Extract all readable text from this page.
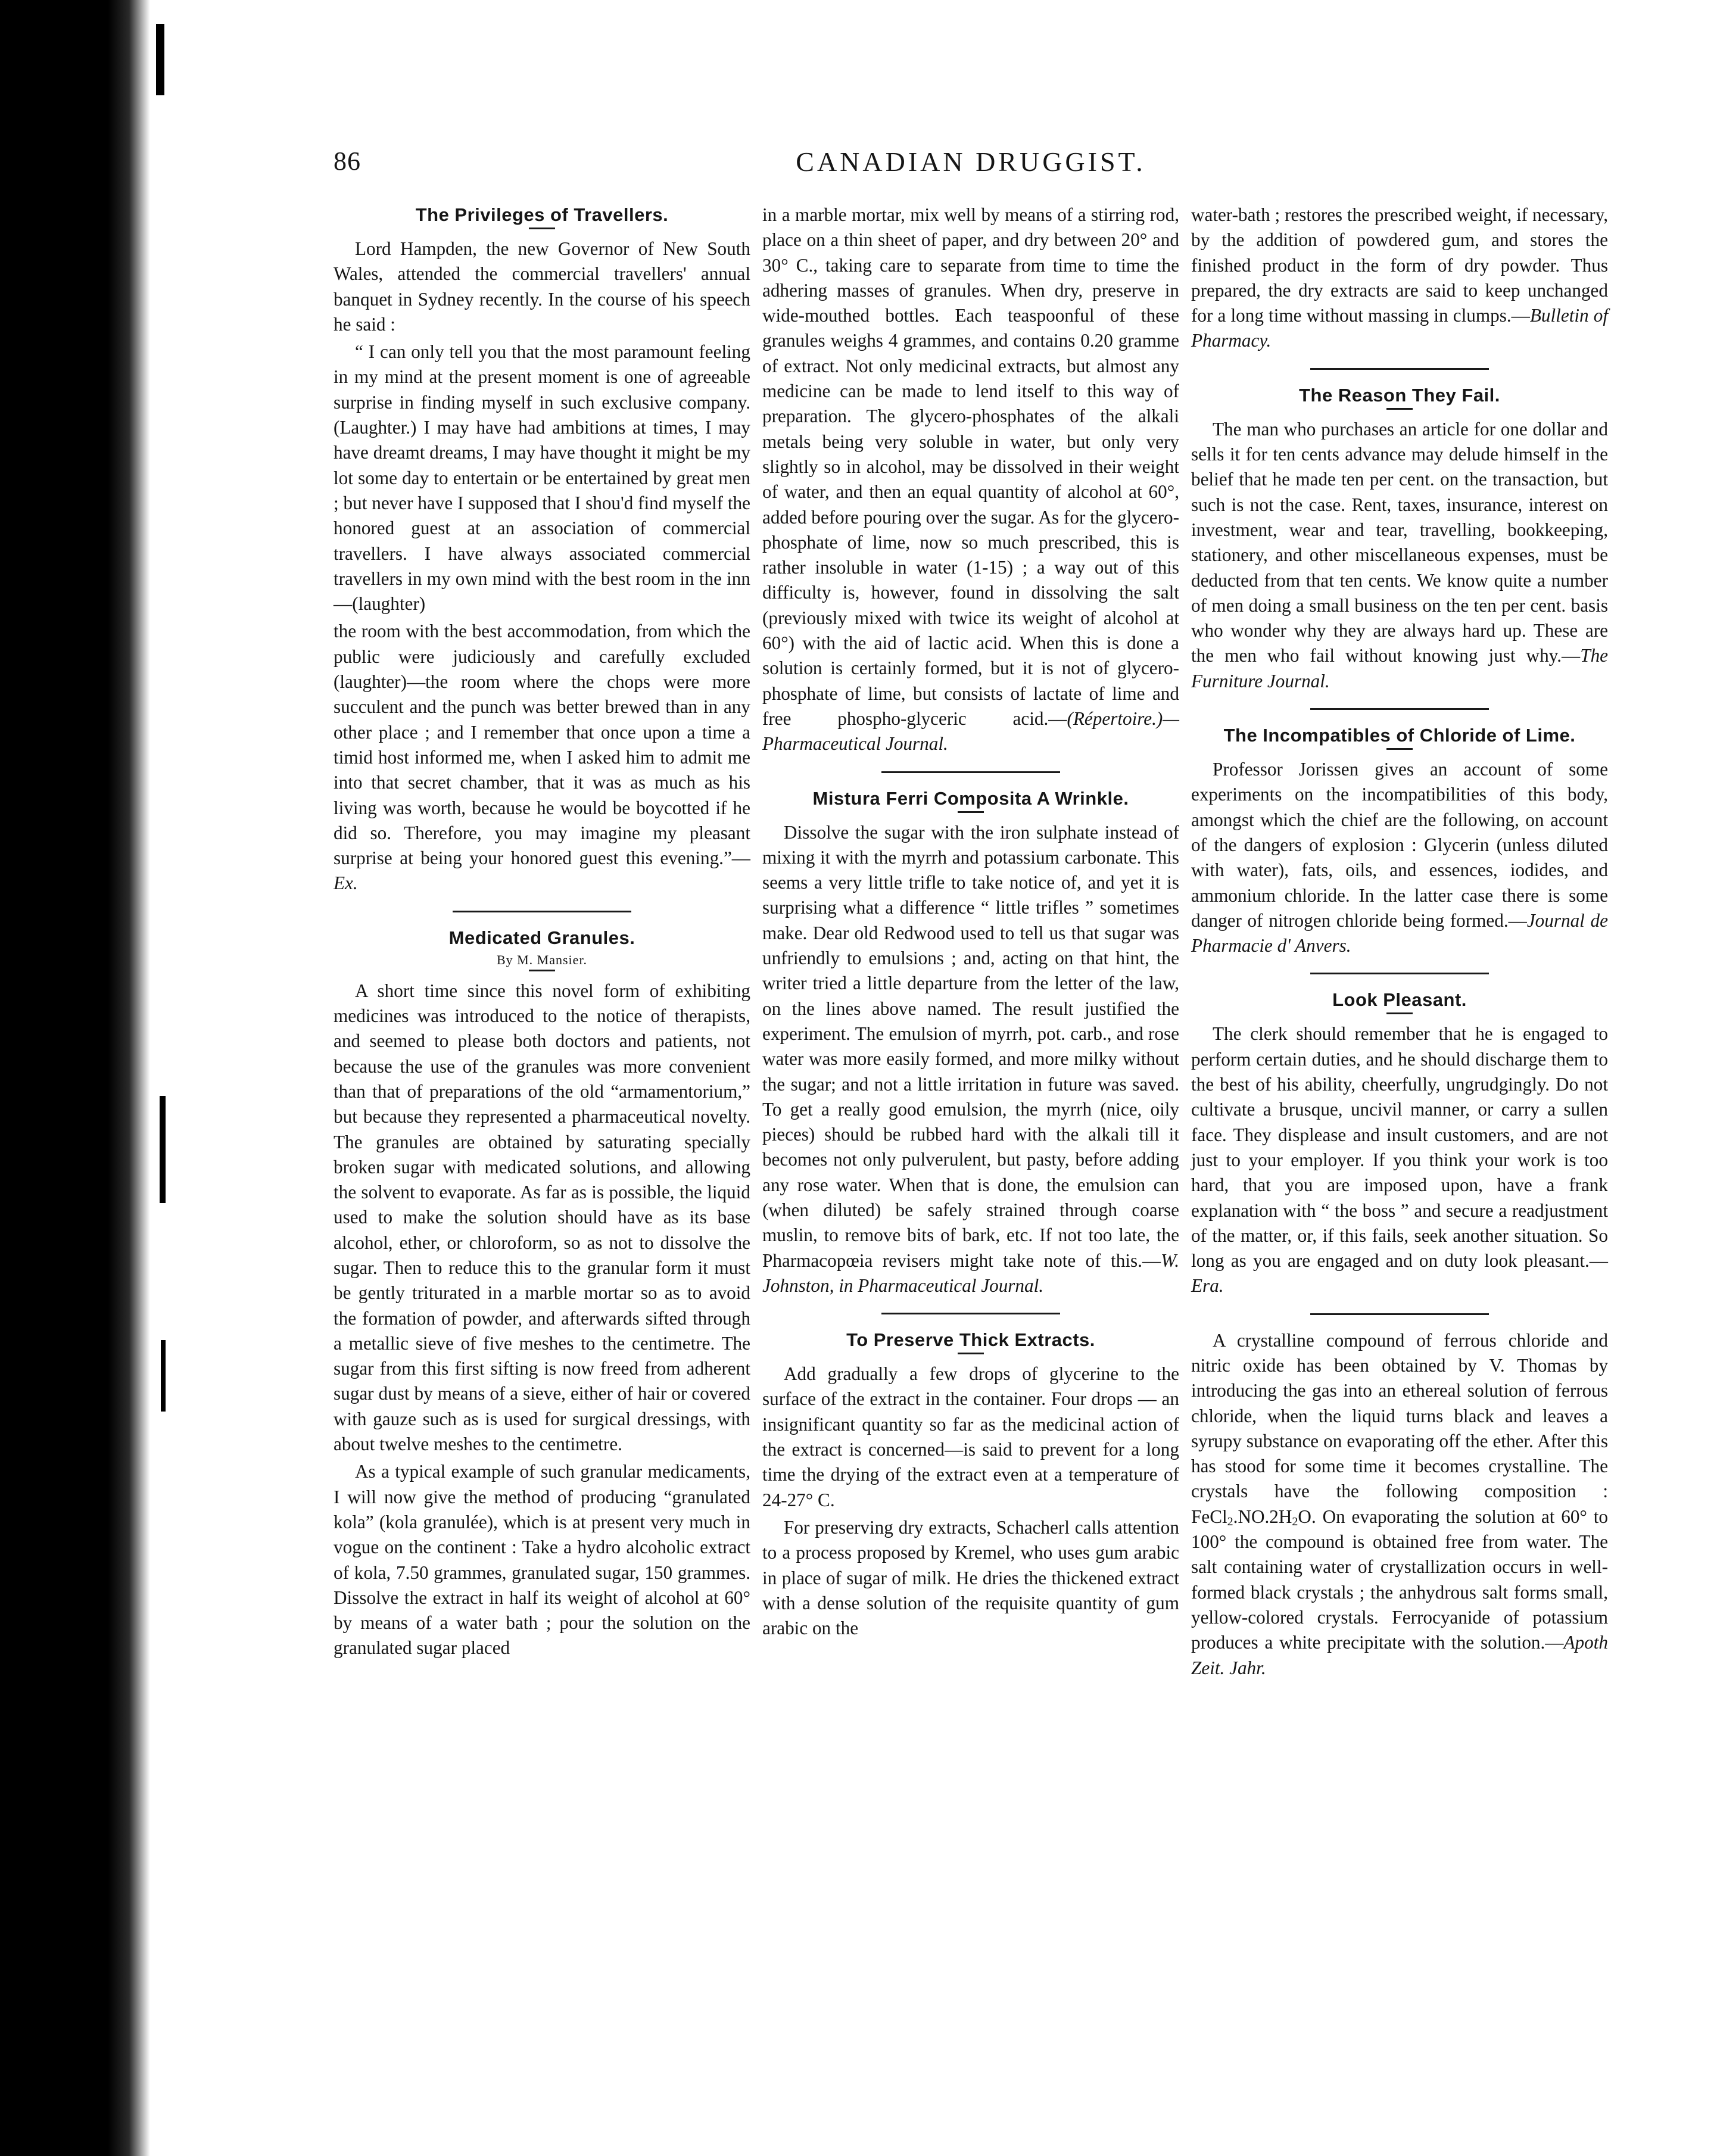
86	CANADIAN DRUGGIST.
The Privileges of Travellers.

Lord Hampden, the new Governor of New South Wales, attended the commercial travellers' annual banquet in Sydney recently. In the course of his speech he said :

“ I can only tell you that the most paramount feeling in my mind at the present moment is one of agreeable surprise in finding myself in such exclusive company. (Laughter.) I may have had ambitions at times, I may have dreamt dreams, I may have thought it might be my lot some day to entertain or be entertained by great men ; but never have I supposed that I shou'd find myself the honored guest at an association of commercial travellers. I have always associated commercial travellers in my own mind with the best room in the inn—(laughter)

the room with the best accommodation, from which the public were judiciously and carefully excluded (laughter)—the room where the chops were more succulent and the punch was better brewed than in any other place ; and I remember that once upon a time a timid host informed me, when I asked him to admit me into that secret chamber, that it was as much as his living was worth, because he would be boycotted if he did so. Therefore, you may imagine my pleasant surprise at being your honored guest this evening.”—Ex.

Medicated Granules.
By M. Mansier.

A short time since this novel form of exhibiting medicines was introduced to the notice of therapists, and seemed to please both doctors and patients, not because the use of the granules was more convenient than that of preparations of the old “armamentorium,” but because they represented a pharmaceutical novelty. The granules are obtained by saturating specially broken sugar with medicated solutions, and allowing the solvent to evaporate. As far as is possible, the liquid used to make the solution should have as its base alcohol, ether, or chloroform, so as not to dissolve the sugar. Then to reduce this to the granular form it must be gently triturated in a marble mortar so as to avoid the formation of powder, and afterwards sifted through a metallic sieve of five meshes to the centimetre. The sugar from this first sifting is now freed from adherent sugar dust by means of a sieve, either of hair or covered with gauze such as is used for surgical dressings, with about twelve meshes to the centimetre.

As a typical example of such granular medicaments, I will now give the method of producing “granulated kola” (kola granulée), which is at present very much in vogue on the continent : Take a hydro alcoholic extract of kola, 7.50 grammes, granulated sugar, 150 grammes. Dissolve the extract in half its weight of alcohol at 60° by means of a water bath ; pour the solution on the granulated sugar placed

in a marble mortar, mix well by means of a stirring rod, place on a thin sheet of paper, and dry between 20° and 30° C., taking care to separate from time to time the adhering masses of granules. When dry, preserve in wide-mouthed bottles. Each teaspoonful of these granules weighs 4 grammes, and contains 0.20 gramme of extract. Not only medicinal extracts, but almost any medicine can be made to lend itself to this way of preparation. The glycero-phosphates of the alkali metals being very soluble in water, but only very slightly so in alcohol, may be dissolved in their weight of water, and then an equal quantity of alcohol at 60°, added before pouring over the sugar. As for the glycero-phosphate of lime, now so much prescribed, this is rather insoluble in water (1-15) ; a way out of this difficulty is, however, found in dissolving the salt (previously mixed with twice its weight of alcohol at 60°) with the aid of lactic acid. When this is done a solution is certainly formed, but it is not of glycero-phosphate of lime, but consists of lactate of lime and free phospho-glyceric acid.—(Répertoire.)—Pharmaceutical Journal.

Mistura Ferri Composita A Wrinkle.

Dissolve the sugar with the iron sulphate instead of mixing it with the myrrh and potassium carbonate. This seems a very little trifle to take notice of, and yet it is surprising what a difference “ little trifles ” sometimes make. Dear old Redwood used to tell us that sugar was unfriendly to emulsions ; and, acting on that hint, the writer tried a little departure from the letter of the law, on the lines above named. The result justified the experiment. The emulsion of myrrh, pot. carb., and rose water was more easily formed, and more milky without the sugar; and not a little irritation in future was saved. To get a really good emulsion, the myrrh (nice, oily pieces) should be rubbed hard with the alkali till it becomes not only pulverulent, but pasty, before adding any rose water. When that is done, the emulsion can (when diluted) be safely strained through coarse muslin, to remove bits of bark, etc. If not too late, the Pharmacopœia revisers might take note of this.—W. Johnston, in Pharmaceutical Journal.

To Preserve Thick Extracts.

Add gradually a few drops of glycerine to the surface of the extract in the container. Four drops — an insignificant quantity so far as the medicinal action of the extract is concerned—is said to prevent for a long time the drying of the extract even at a temperature of 24-27° C.

For preserving dry extracts, Schacherl calls attention to a process proposed by Kremel, who uses gum arabic in place of sugar of milk. He dries the thickened extract with a dense solution of the requisite quantity of gum arabic on the

water-bath ; restores the prescribed weight, if necessary, by the addition of powdered gum, and stores the finished product in the form of dry powder. Thus prepared, the dry extracts are said to keep unchanged for a long time without massing in clumps.—Bulletin of Pharmacy.

The Reason They Fail.

The man who purchases an article for one dollar and sells it for ten cents advance may delude himself in the belief that he made ten per cent. on the transaction, but such is not the case. Rent, taxes, insurance, interest on investment, wear and tear, travelling, bookkeeping, stationery, and other miscellaneous expenses, must be deducted from that ten cents. We know quite a number of men doing a small business on the ten per cent. basis who wonder why they are always hard up. These are the men who fail without knowing just why.—The Furniture Journal.

The Incompatibles of Chloride of Lime.

Professor Jorissen gives an account of some experiments on the incompatibilities of this body, amongst which the chief are the following, on account of the dangers of explosion : Glycerin (unless diluted with water), fats, oils, and essences, iodides, and ammonium chloride. In the latter case there is some danger of nitrogen chloride being formed.—Journal de Pharmacie d' Anvers.

Look Pleasant.

The clerk should remember that he is engaged to perform certain duties, and he should discharge them to the best of his ability, cheerfully, ungrudgingly. Do not cultivate a brusque, uncivil manner, or carry a sullen face. They displease and insult customers, and are not just to your employer. If you think your work is too hard, that you are imposed upon, have a frank explanation with “ the boss ” and secure a readjustment of the matter, or, if this fails, seek another situation. So long as you are engaged and on duty look pleasant.—Era.

A crystalline compound of ferrous chloride and nitric oxide has been obtained by V. Thomas by introducing the gas into an ethereal solution of ferrous chloride, when the liquid turns black and leaves a syrupy substance on evaporating off the ether. After this has stood for some time it becomes crystalline. The crystals have the following composition : $FeCl_2.NO.2H_2O$. On evaporating the solution at 60° to 100° the compound is obtained free from water. The salt containing water of crystallization occurs in well-formed black crystals ; the anhydrous salt forms small, yellow-colored crystals. Ferrocyanide of potassium produces a white precipitate with the solution.—Apoth Zeit. Jahr.
